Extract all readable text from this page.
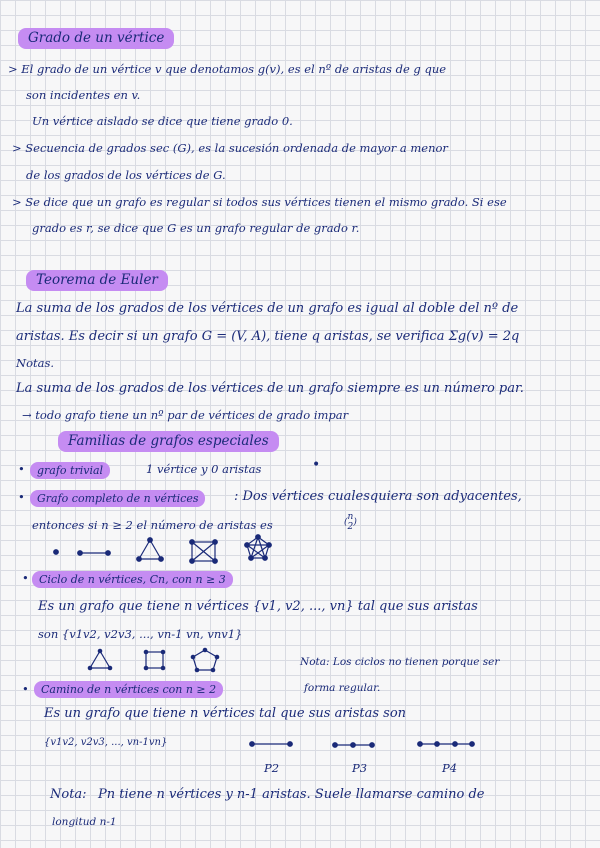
Grado de un vértice

> El grado de un vértice v que denotamos g(v), es el nº de aristas de g que

son incidentes en v.

Un vértice aislado se dice que tiene grado 0.

> Secuencia de grados sec (G), es la sucesión ordenada de mayor a menor

de los grados de los vértices de G.

> Se dice que un grafo es regular si todos sus vértices tienen el mismo grado. Si ese

grado es r, se dice que G es un grafo regular de grado r.

Teorema de Euler

La suma de los grados de los vértices de un grafo es igual al doble del nº de

aristas. Es decir si un grafo G = (V, A), tiene q aristas, se verifica Σg(v) = 2q

Notas.

La suma de los grados de los vértices de un grafo siempre es un número par.

→ todo grafo tiene un nº par de vértices de grado impar

Familias de grafos especiales
•	grafo trivial	1 vértice y 0 aristas	•
•	Grafo completo de n vértices	: Dos vértices cualesquiera son adyacentes,

entonces si n ≥ 2 el número de aristas es	(
n
2 )
• Ciclo de n vértices, Cn, con n ≥ 3

Es un grafo que tiene n vértices {v1, v2, ..., vn} tal que sus aristas

son {v1v2, v2v3, ..., vn-1 vn, vnv1}

Nota: Los ciclos no tienen porque ser

forma regular.

•	Camino de n vértices con n ≥ 2

Es un grafo que tiene n vértices tal que sus aristas son

{v1v2, v2v3, ..., vn-1vn}

P2	P3	P4

Nota: Pn tiene n vértices y n-1 aristas. Suele llamarse camino de

longitud n-1
